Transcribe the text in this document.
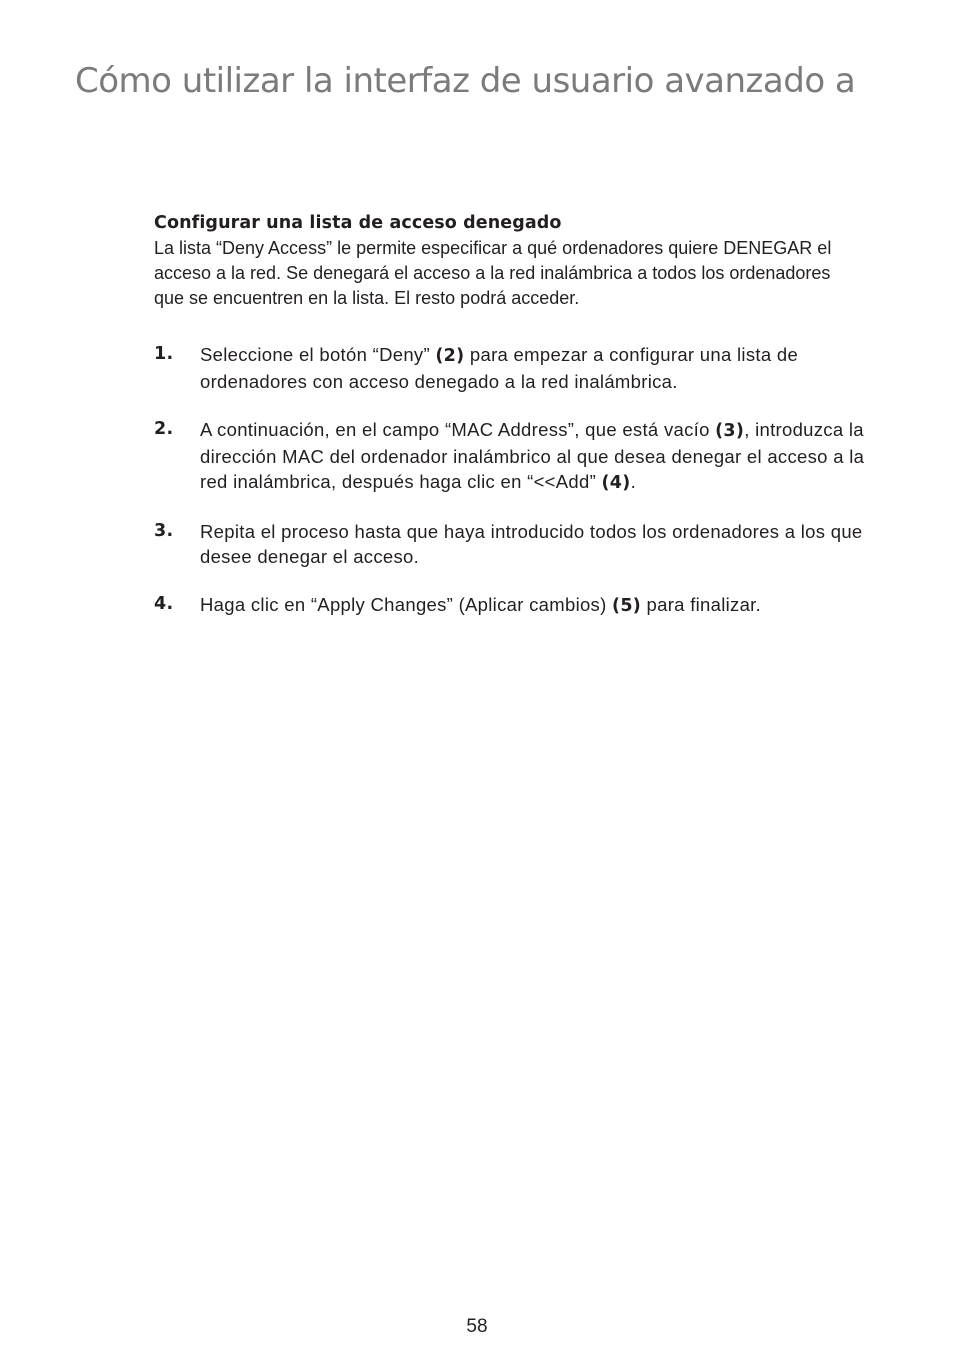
Cómo utilizar la interfaz de usuario avanzado a
Configurar una lista de acceso denegado

La lista “Deny Access” le permite especificar a qué ordenadores quiere DENEGAR el acceso a la red. Se denegará el acceso a la red inalámbrica a todos los ordenadores que se encuentren en la lista. El resto podrá acceder.

1. Seleccione el botón “Deny” (2) para empezar a configurar una lista de ordenadores con acceso denegado a la red inalámbrica.
2. A continuación, en el campo “MAC Address”, que está vacío (3), introduzca la dirección MAC del ordenador inalámbrico al que desea denegar el acceso a la red inalámbrica, después haga clic en “<<Add” (4).
3. Repita el proceso hasta que haya introducido todos los ordenadores a los que desee denegar el acceso.
4. Haga clic en “Apply Changes” (Aplicar cambios) (5) para finalizar.
58
